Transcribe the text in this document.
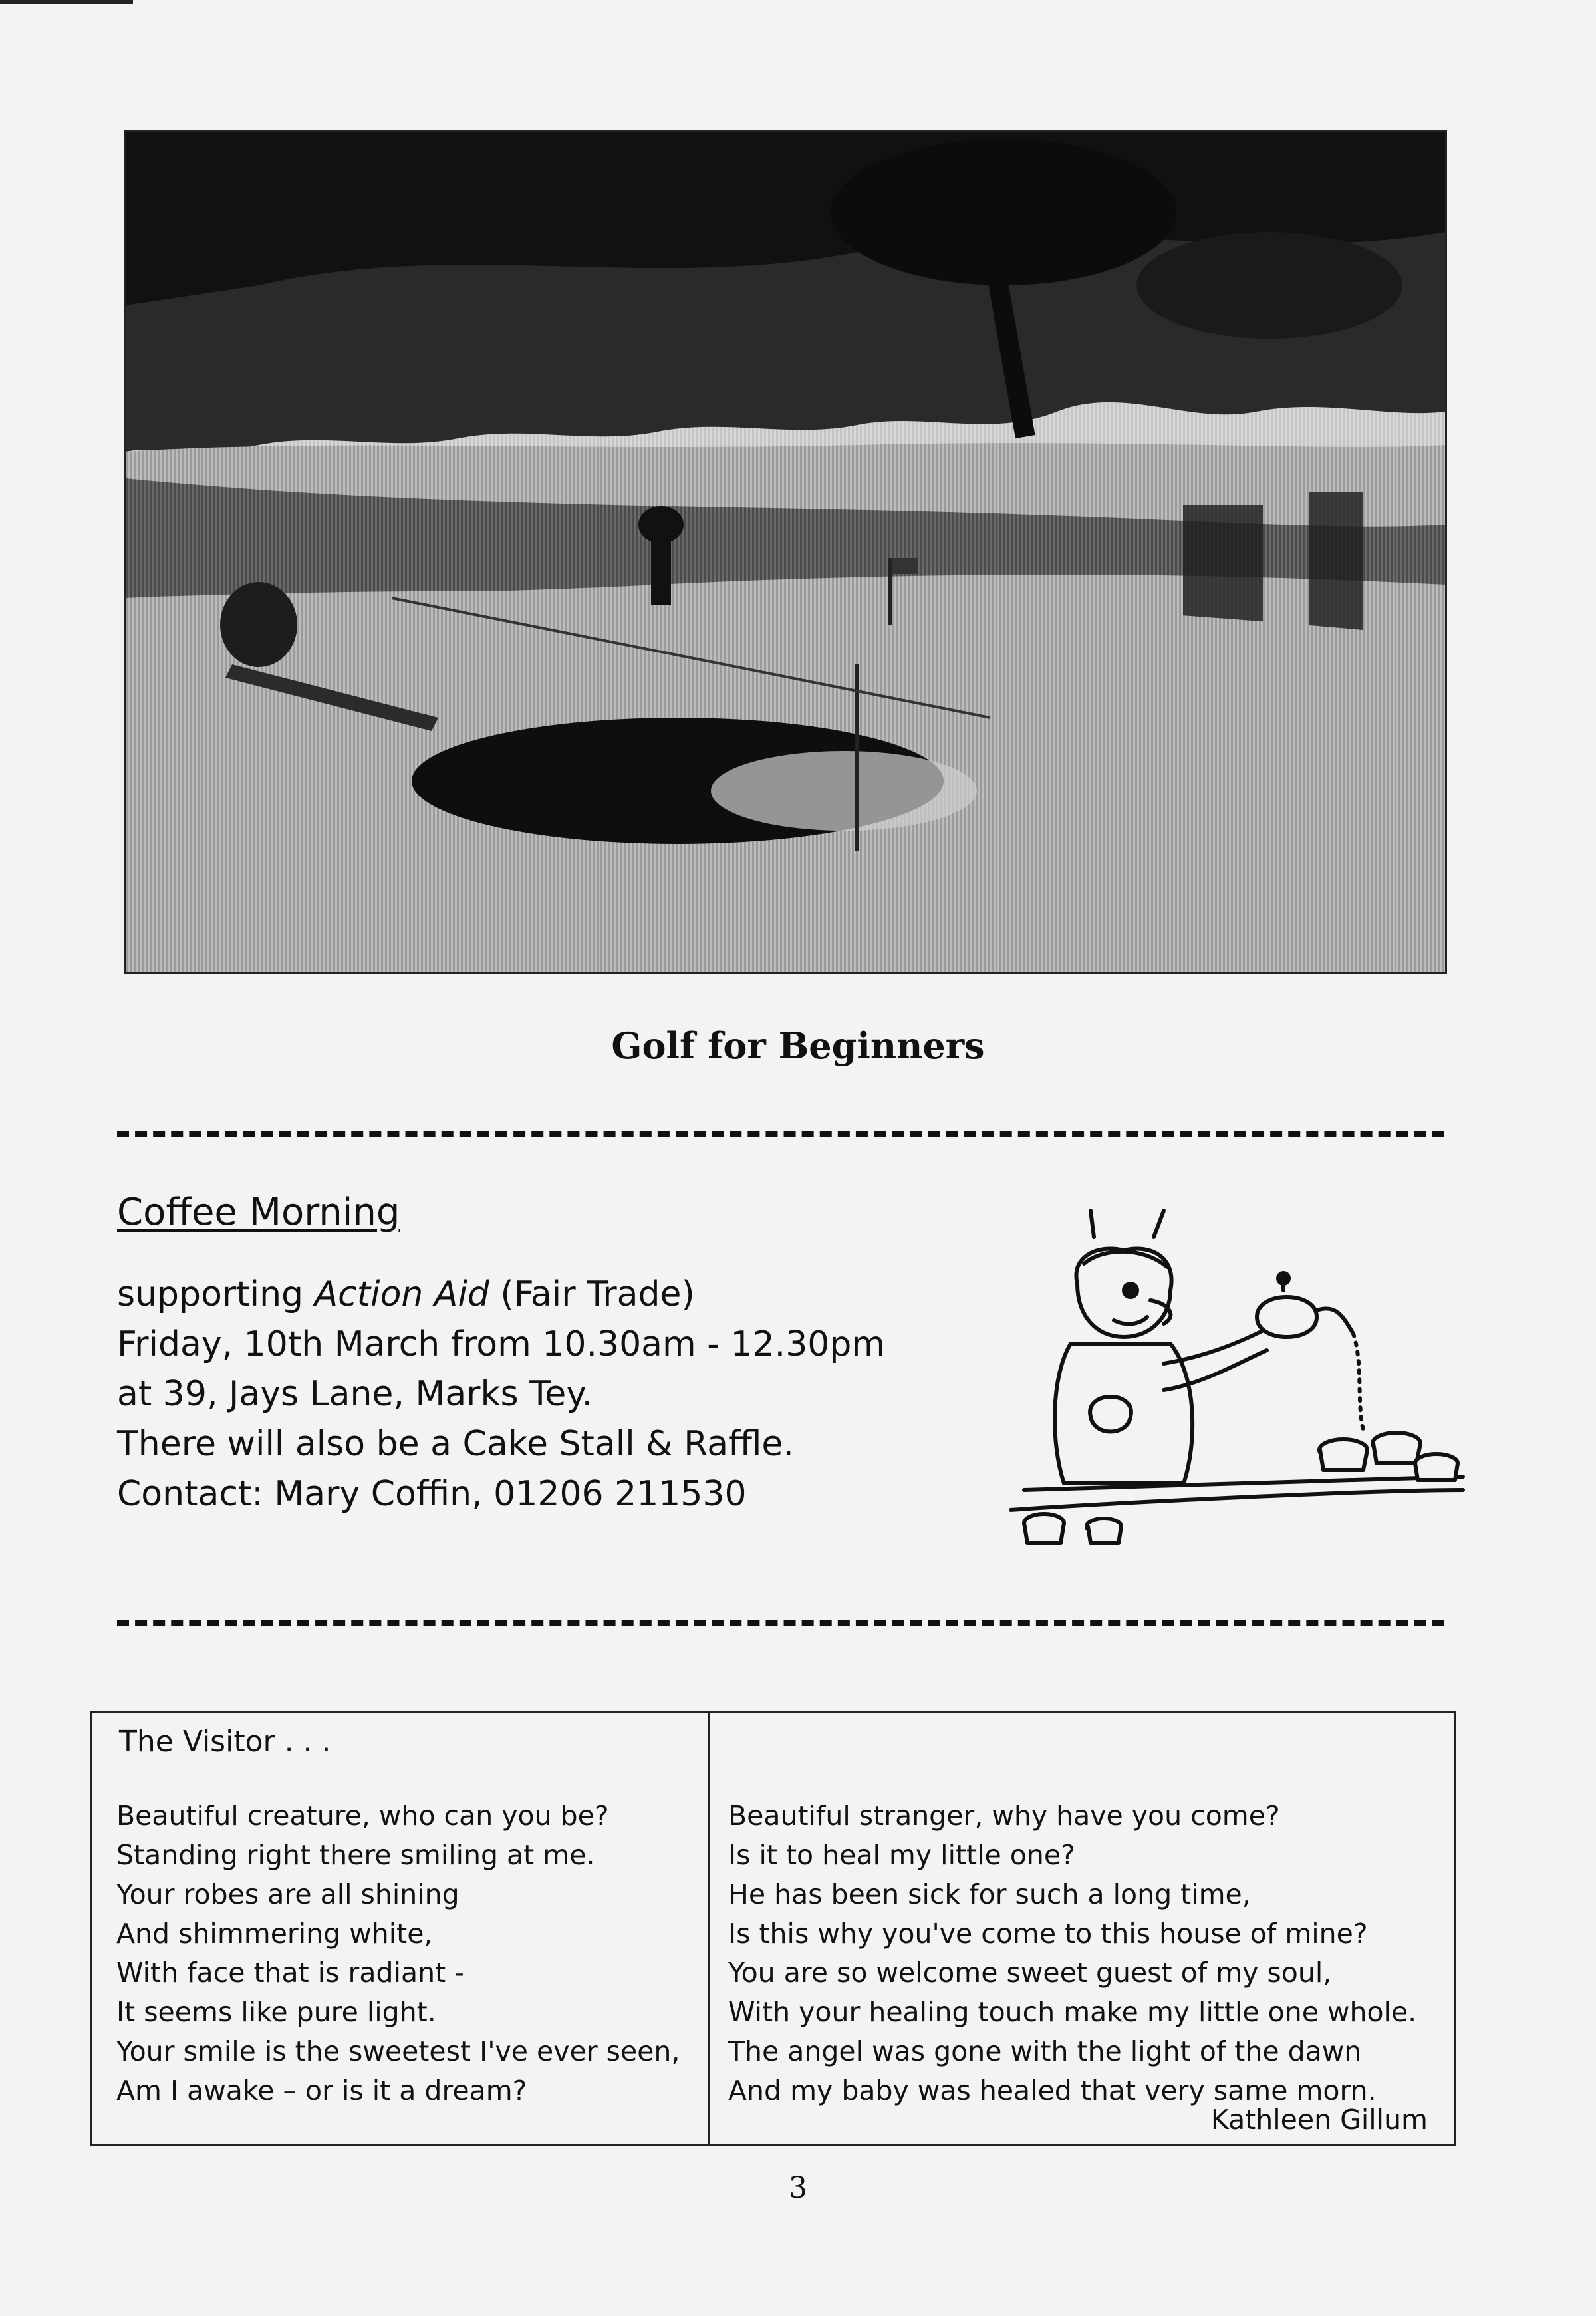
Golf for Beginners
Coffee Morning
supporting Action Aid (Fair Trade)
Friday, 10th March from 10.30am - 12.30pm
at 39, Jays Lane, Marks Tey.
There will also be a Cake Stall & Raffle.
Contact: Mary Coffin, 01206 211530
The Visitor . . .
Beautiful creature, who can you be?
Standing right there smiling at me.
Your robes are all shining
And shimmering white,
With face that is radiant -
It seems like pure light.
Your smile is the sweetest I've ever seen,
Am I awake – or is it a dream?
Beautiful stranger, why have you come?
Is it to heal my little one?
He has been sick for such a long time,
Is this why you've come to this house of mine?
You are so welcome sweet guest of my soul,
With your healing touch make my little one whole.
The angel was gone with the light of the dawn
And my baby was healed that very same morn.
Kathleen Gillum
3
